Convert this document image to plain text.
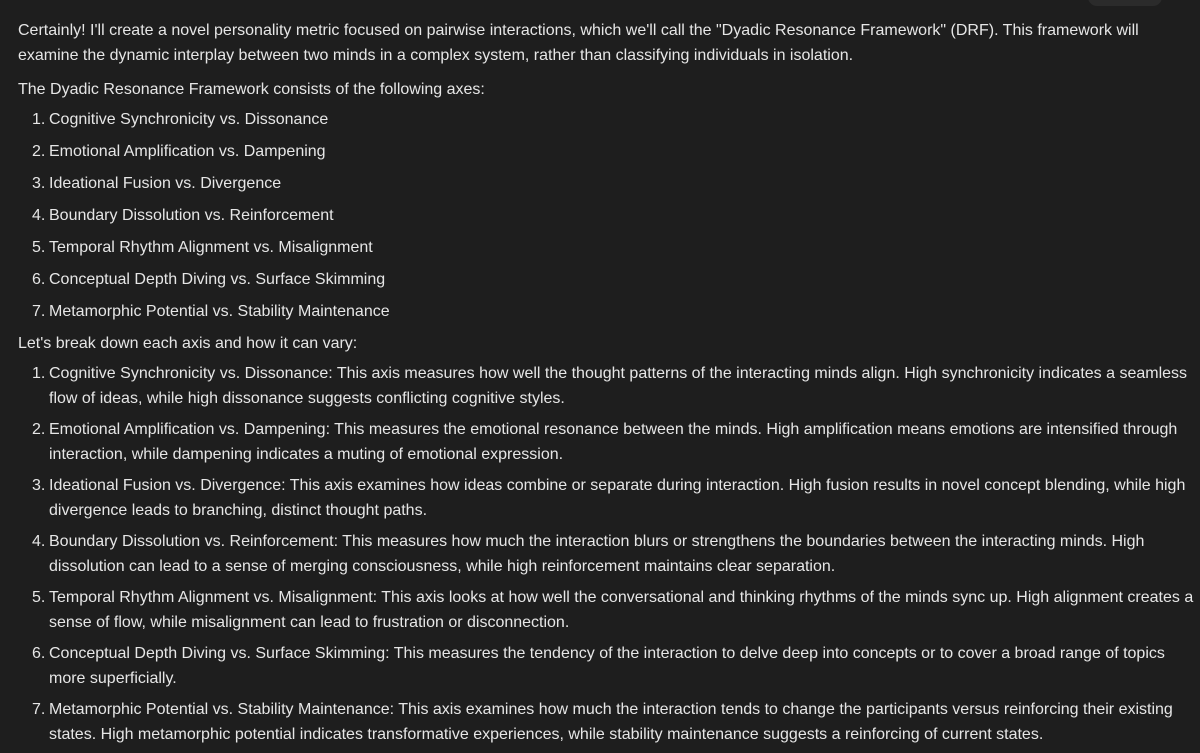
Certainly! I'll create a novel personality metric focused on pairwise interactions, which we'll call the "Dyadic Resonance Framework" (DRF). This framework will examine the dynamic interplay between two minds in a complex system, rather than classifying individuals in isolation.

The Dyadic Resonance Framework consists of the following axes:

1. Cognitive Synchronicity vs. Dissonance
2. Emotional Amplification vs. Dampening
3. Ideational Fusion vs. Divergence
4. Boundary Dissolution vs. Reinforcement
5. Temporal Rhythm Alignment vs. Misalignment
6. Conceptual Depth Diving vs. Surface Skimming
7. Metamorphic Potential vs. Stability Maintenance

Let's break down each axis and how it can vary:

1. Cognitive Synchronicity vs. Dissonance: This axis measures how well the thought patterns of the interacting minds align. High synchronicity indicates a seamless flow of ideas, while high dissonance suggests conflicting cognitive styles.
2. Emotional Amplification vs. Dampening: This measures the emotional resonance between the minds. High amplification means emotions are intensified through interaction, while dampening indicates a muting of emotional expression.
3. Ideational Fusion vs. Divergence: This axis examines how ideas combine or separate during interaction. High fusion results in novel concept blending, while high divergence leads to branching, distinct thought paths.
4. Boundary Dissolution vs. Reinforcement: This measures how much the interaction blurs or strengthens the boundaries between the interacting minds. High dissolution can lead to a sense of merging consciousness, while high reinforcement maintains clear separation.
5. Temporal Rhythm Alignment vs. Misalignment: This axis looks at how well the conversational and thinking rhythms of the minds sync up. High alignment creates a sense of flow, while misalignment can lead to frustration or disconnection.
6. Conceptual Depth Diving vs. Surface Skimming: This measures the tendency of the interaction to delve deep into concepts or to cover a broad range of topics more superficially.
7. Metamorphic Potential vs. Stability Maintenance: This axis examines how much the interaction tends to change the participants versus reinforcing their existing states. High metamorphic potential indicates transformative experiences, while stability maintenance suggests a reinforcing of current states.
